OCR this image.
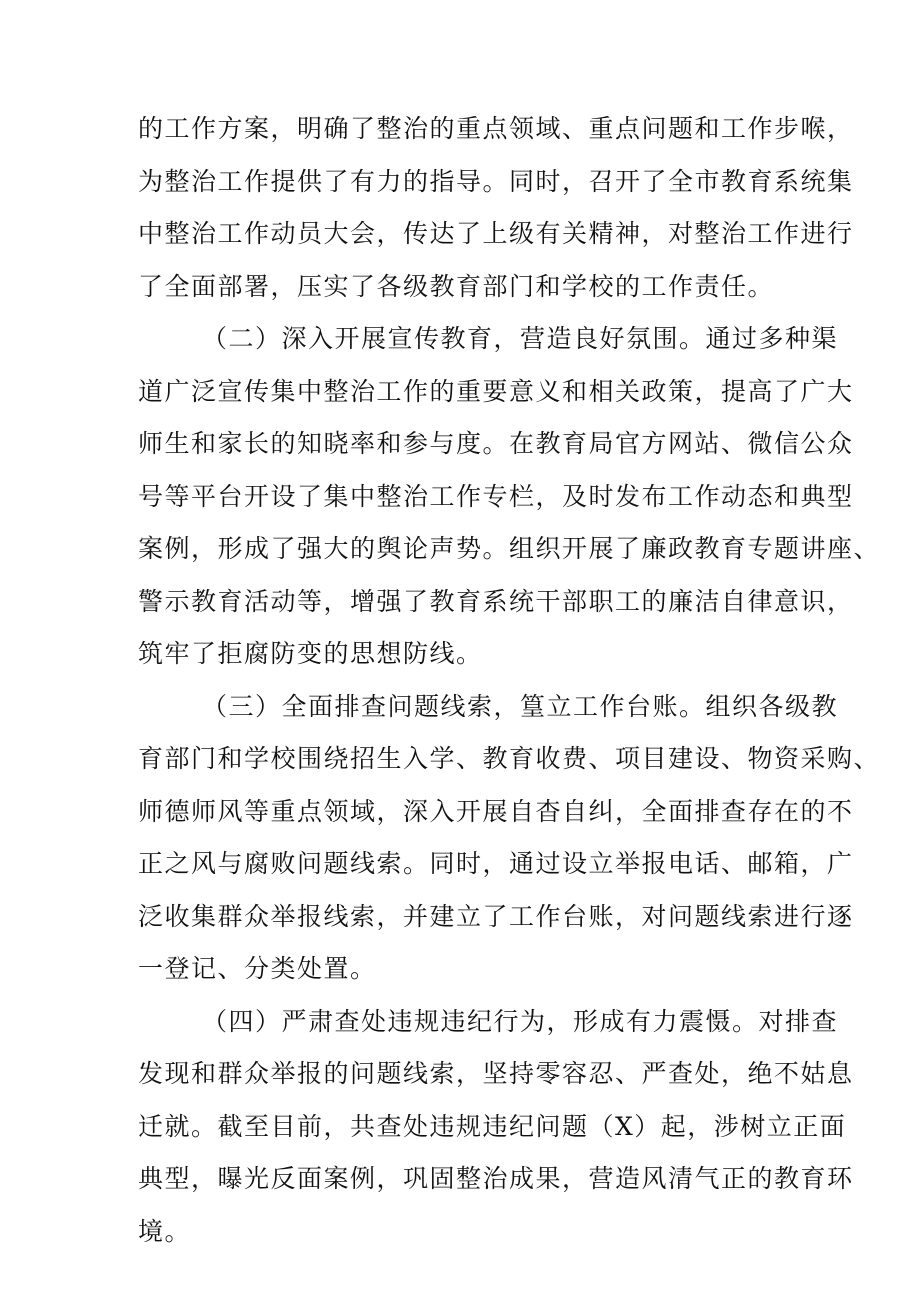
的工作方案，明确了整治的重点领域、重点问题和工作步喉，
为整治工作提供了有力的指导。同时，召开了全市教育系统集
中整治工作动员大会，传达了上级有关精神，对整治工作进行
了全面部署，压实了各级教育部门和学校的工作责任。
（二）深入开展宣传教育，营造良好氛围。通过多种渠
道广泛宣传集中整治工作的重要意义和相关政策，提高了广大
师生和家长的知晓率和参与度。在教育局官方网站、微信公众
号等平台开设了集中整治工作专栏，及时发布工作动态和典型
案例，形成了强大的舆论声势。组织开展了廉政教育专题讲座、
警示教育活动等，增强了教育系统干部职工的廉洁自律意识，
筑牢了拒腐防变的思想防线。
（三）全面排查问题线索，篁立工作台账。组织各级教
育部门和学校围绕招生入学、教育收费、项目建设、物资采购、
师德师风等重点领域，深入开展自杳自纠，全面排查存在的不
正之风与腐败问题线索。同时，通过设立举报电话、邮箱，广
泛收集群众举报线索，并建立了工作台账，对问题线索进行逐
一登记、分类处置。
（四）严肃查处违规违纪行为，形成有力震慑。对排查
发现和群众举报的问题线索，坚持零容忍、严查处，绝不姑息
迁就。截至目前，共查处违规违纪问题（X）起，涉树立正面
典型，曝光反面案例，巩固整治成果，营造风清气正的教育环
境。
